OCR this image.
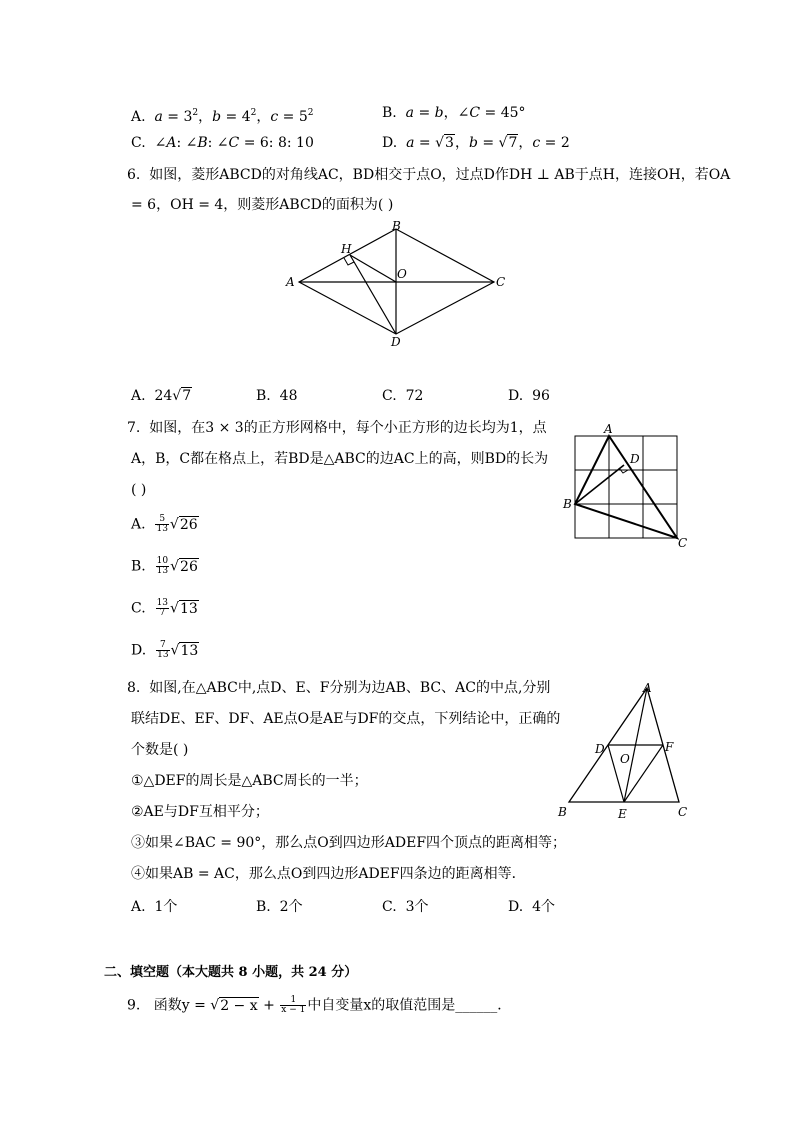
A. $a = 3^2$，$b = 4^2$，$c = 5^2$	B. a = b，∠C = 45°
C.  ∠A: ∠B: ∠C = 6: 8: 10	D. a = √3，b = √7，c = 2
6. 如图，菱形ABCD的对角线AC，BD相交于点O，过点D作DH ⊥ AB于点H，连接OH，若OA
= 6，OH = 4，则菱形ABCD的面积为( )
A
B
C
D
H
O
A.  24√7	B. 48	C. 72	D. 96
7. 如图，在3 × 3的正方形网格中，每个小正方形的边长均为1，点
A，B，C都在格点上，若BD是△ABC的边AC上的高，则BD的长为
( )
A
B
C
D
A. $\frac{5}{13} √26$
B. $\frac{10}{13} √26$
C. $\frac{13}{7} √13$
D. $\frac{7}{13} √13$
8. 如图,在△ABC中,点D、E、F分别为边AB、BC、AC的中点,分别
联结DE、EF、DF、AE点O是AE与DF的交点，下列结论中，正确的
个数是( )
①△DEF的周长是△ABC周长的一半；
②AE与DF互相平分；
③如果∠BAC = 90°，那么点O到四边形ADEF四个顶点的距离相等；
④如果AB = AC，那么点O到四边形ADEF四条边的距离相等．
A
B	C
D
E
F
O
A. 1个	B. 2个	C. 3个	D. 4个
二、填空题（本大题共 8 小题，共 24 分）
9. 函数$y = √2 - x + \frac{1}{x - 1}$ 中自变量x的取值范围是______．
